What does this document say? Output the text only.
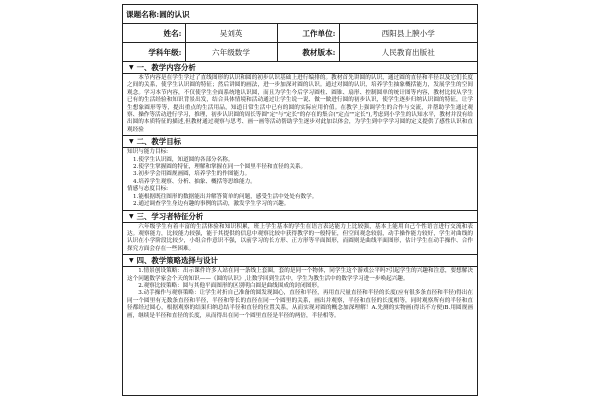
课题名称:圆的认识			
姓名:	吴刘英	工作单位:	西阳县上腴小学
学科年级:	六年级数学	教材版本:	人民教育出版社
▼ 一、教学内容分析

本节内容是在学生学过了直线图形的认识和圆的初步认识基础上进行编排的。教材首先讲圆的认识，通过圆的直径和半径以及它们长度之间的关系，使学生认识圆的特征；然后讲圆的画法，进一步加深对圆的认识。通过对圆的认识，培养学生抽象概括能力，发展学生的空间观念。学习本节内容，不仅使学生全面系统地认识圆，而且为学生今后学习圆柱、圆锥、扇形、控制圆单的统计图等内容，教材比较从学生已有的生活经验和知识背景出发，结合具体情境和活动通过让学生说一说、做一做进行圆的初步认识，使学生逐步归纳认识圆的特征，让学生想象圆形等等，提出重点的生活用品，知道日常生活中已有的圆的实际应用价值。在教学上强调学生的合作与交流，并帮助学生通过观察、操作等活动进行学习，推理，初步认识圆的周长等圆"定"与"定长"的存在的集合("定点""定长"),考虑到小学生的认知水平，教材并没有给出圆的本质特征的描述,但教材通过观察与思考、画一画等活动帮助学生逐步对此加以体会，为学生到中学学习圆的定义提供了感性认识和直观经验

▼ 二、教学目标

知识与能力目标:

1.使学生认识圆，知道圆的各部分名称。

2.使学生掌握圆的特征，理解和掌握在同一个圆里半径和直径的关系。

3.初步学会用圆规画圆，培养学生的作图能力。

4.培养学生观察、分析、抽象、概括等思维能力。

情感与态度目标:

1.能根据既往图形的数据能出并解答简单的问题，感受生活中处处有数学。

2.通过调查学生身边有趣的事例的活动，激发学生学习的兴趣。

▼ 三、学习者特征分析

六年级学生有着丰富的生活体验和知识积累，班上学生基本的学生在语言表达能力上比较强，基本上能用自己个性语言进行交流和表达。观察能力，比较能力较强，能于其提供的信息中观察比较中获得教学的一般特征，但空间观念较弱，动手操作能力较好，学生对曲线的认识在小学阶段比较少，小组合作意识不强，以前学习的长方形、正方形等平面图形，而圆则是曲线平面图形，估计学生在动手操作、合作探究方面会存在一些困难。

▼ 四、教学策略选择与设计

1.情景创设策略：出示课件许多人站在同一条线上套圈，套的是同一个物体，同学生这个游戏公平吗?引起学生的兴趣和注意，要想解决这个问题数学家会个天的知识——《圆的认识》,让数学回到生活中，学生为教生活中的数学学习进一步唤起兴趣。

2.观察比较策略：圆与其他平面图形的区别明白圆是曲线围成的封闭图形。

3.动手操作与观察策略：让学生对折自己准备的圆发现圆心，直径和半径，再用直尺量直径和半径的长度(应有很多条直径和半径)得出在同一个圆里有无数条直径和半径，半径和等长的直径在同一个圆里的关系，画出并观察，半径和直径的长度相等，同时观察所有的半径和直径都经过圆心，根据观察的结果归纳总结半径和直径的位置关系，从而实现对圆的概念加深理解！A.先测的实物画(得出不方便)B.用圆规画画，继续是半径和直径的长度，从而得出在同一个圆里直径是半径的两倍，半径相等。
